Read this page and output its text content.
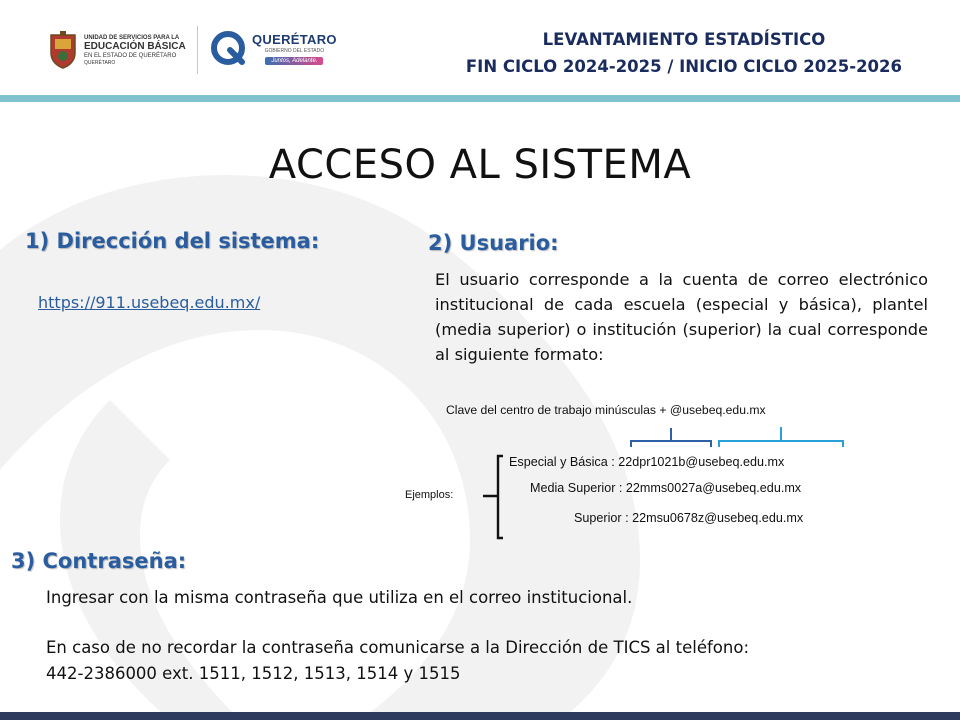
UNIDAD DE SERVICIOS PARA LA
EDUCACIÓN BÁSICA
EN EL ESTADO DE QUERÉTARO
QUERÉTARO
QUERÉTARO
GOBIERNO DEL ESTADO
Juntos, Adelante.
LEVANTAMIENTO ESTADÍSTICO
FIN CICLO 2024-2025 / INICIO CICLO 2025-2026
ACCESO AL SISTEMA
1) Dirección del sistema:
https://911.usebeq.edu.mx/
2) Usuario:
El usuario corresponde a la cuenta de correo electrónico institucional de cada escuela (especial y básica), plantel (media superior) o institución (superior) la cual corresponde al siguiente formato:
Clave del centro de trabajo minúsculas + @usebeq.edu.mx
Ejemplos:
Especial y Básica : 22dpr1021b@usebeq.edu.mx
Media Superior : 22mms0027a@usebeq.edu.mx
Superior : 22msu0678z@usebeq.edu.mx
3) Contraseña:
Ingresar con la misma contraseña que utiliza en el correo institucional.
En caso de no recordar la contraseña comunicarse a la Dirección de TICS al teléfono:
442-2386000 ext. 1511, 1512, 1513, 1514 y 1515
